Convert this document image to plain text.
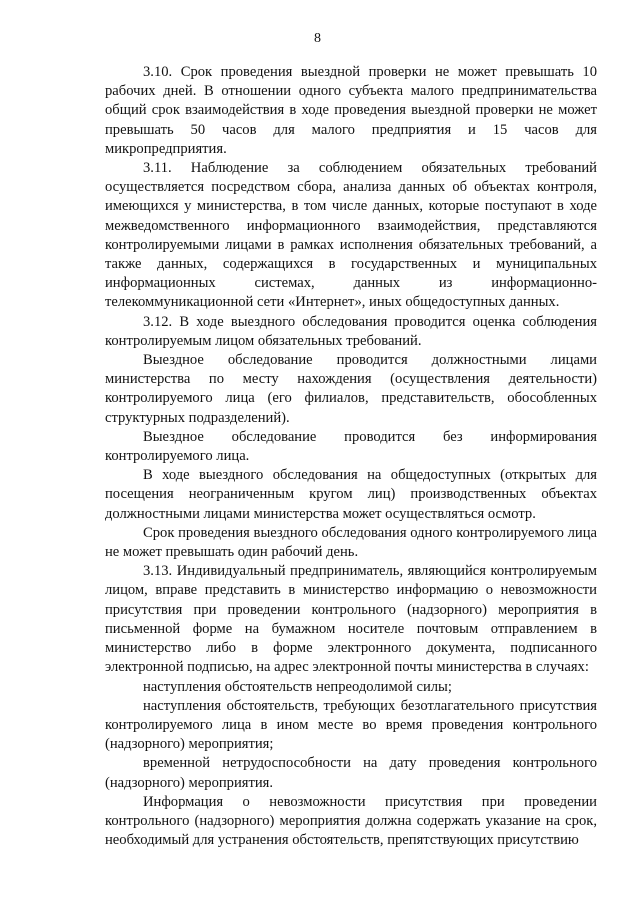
8

3.10. Срок проведения выездной проверки не может превышать 10 рабочих дней. В отношении одного субъекта малого предпринимательства общий срок взаимодействия в ходе проведения выездной проверки не может превышать 50 часов для малого предприятия и 15 часов для микропредприятия.

3.11. Наблюдение за соблюдением обязательных требований осуществляется посредством сбора, анализа данных об объектах контроля, имеющихся у министерства, в том числе данных, которые поступают в ходе межведомственного информационного взаимодействия, представляются контролируемыми лицами в рамках исполнения обязательных требований, а также данных, содержащихся в государственных и муниципальных информационных системах, данных из информационно-телекоммуникационной сети «Интернет», иных общедоступных данных.

3.12. В ходе выездного обследования проводится оценка соблюдения контролируемым лицом обязательных требований.

Выездное обследование проводится должностными лицами министерства по месту нахождения (осуществления деятельности) контролируемого лица (его филиалов, представительств, обособленных структурных подразделений).

Выездное обследование проводится без информирования контролируемого лица.

В ходе выездного обследования на общедоступных (открытых для посещения неограниченным кругом лиц) производственных объектах должностными лицами министерства может осуществляться осмотр.

Срок проведения выездного обследования одного контролируемого лица не может превышать один рабочий день.

3.13. Индивидуальный предприниматель, являющийся контролируемым лицом, вправе представить в министерство информацию о невозможности присутствия при проведении контрольного (надзорного) мероприятия в письменной форме на бумажном носителе почтовым отправлением в министерство либо в форме электронного документа, подписанного электронной подписью, на адрес электронной почты министерства в случаях:

наступления обстоятельств непреодолимой силы;

наступления обстоятельств, требующих безотлагательного присутствия контролируемого лица в ином месте во время проведения контрольного (надзорного) мероприятия;

временной нетрудоспособности на дату проведения контрольного (надзорного) мероприятия.

Информация о невозможности присутствия при проведении контрольного (надзорного) мероприятия должна содержать указание на срок, необходимый для устранения обстоятельств, препятствующих присутствию
